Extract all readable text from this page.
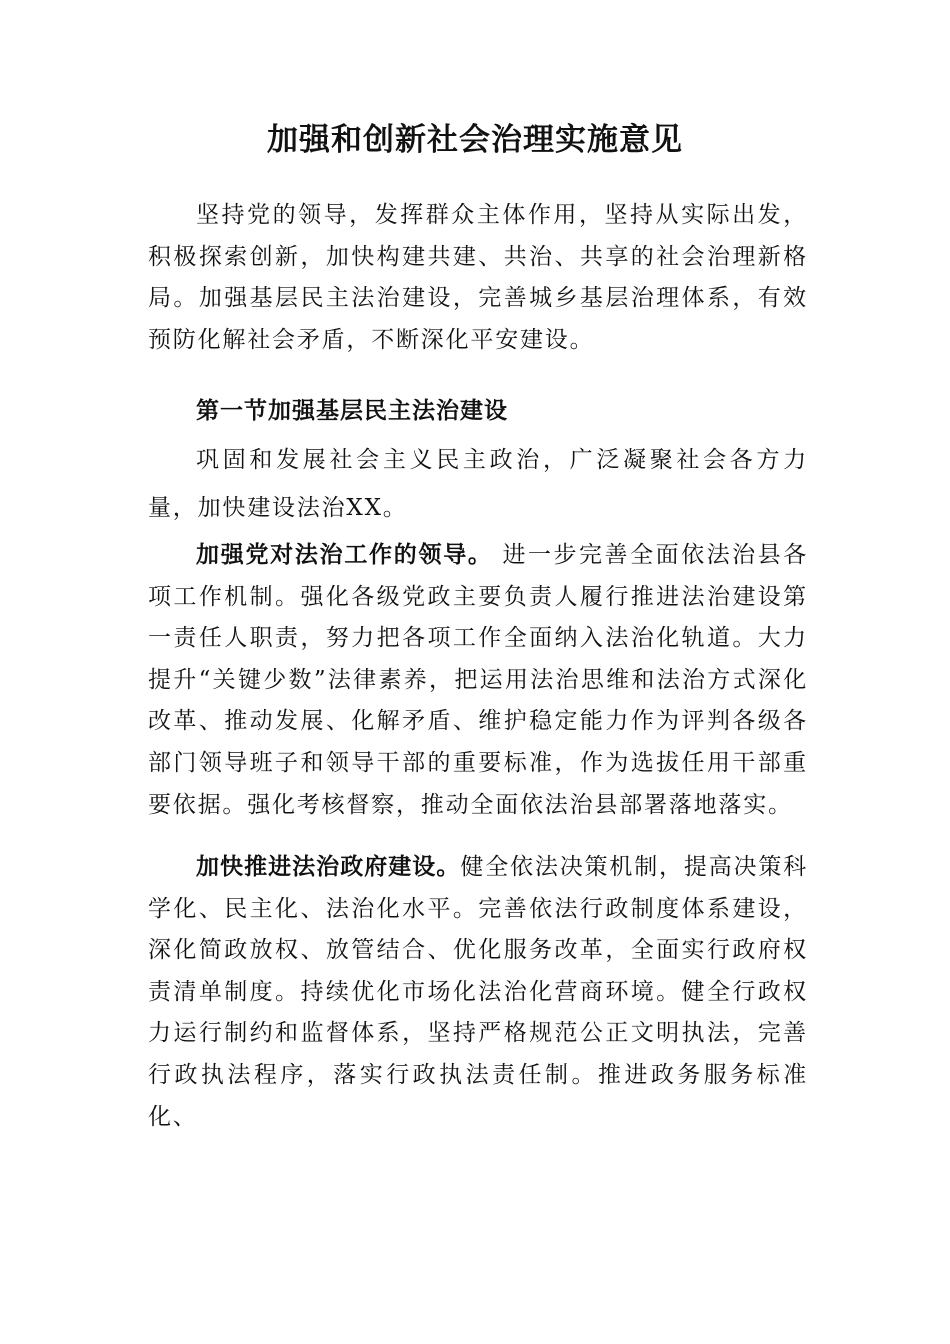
加强和创新社会治理实施意见

坚持党的领导，发挥群众主体作用，坚持从实际出发，积极探索创新，加快构建共建、共治、共享的社会治理新格局。加强基层民主法治建设，完善城乡基层治理体系，有效预防化解社会矛盾，不断深化平安建设。

第一节加强基层民主法治建设

巩固和发展社会主义民主政治，广泛凝聚社会各方力量，加快建设法治XX。

加强党对法治工作的领导。 进一步完善全面依法治县各项工作机制。强化各级党政主要负责人履行推进法治建设第一责任人职责，努力把各项工作全面纳入法治化轨道。大力提升“关键少数”法律素养，把运用法治思维和法治方式深化改革、推动发展、化解矛盾、维护稳定能力作为评判各级各部门领导班子和领导干部的重要标准，作为选拔任用干部重要依据。强化考核督察，推动全面依法治县部署落地落实。

加快推进法治政府建设。健全依法决策机制，提高决策科学化、民主化、法治化水平。完善依法行政制度体系建设，深化简政放权、放管结合、优化服务改革，全面实行政府权责清单制度。持续优化市场化法治化营商环境。健全行政权力运行制约和监督体系，坚持严格规范公正文明执法，完善行政执法程序，落实行政执法责任制。推进政务服务标准化、
